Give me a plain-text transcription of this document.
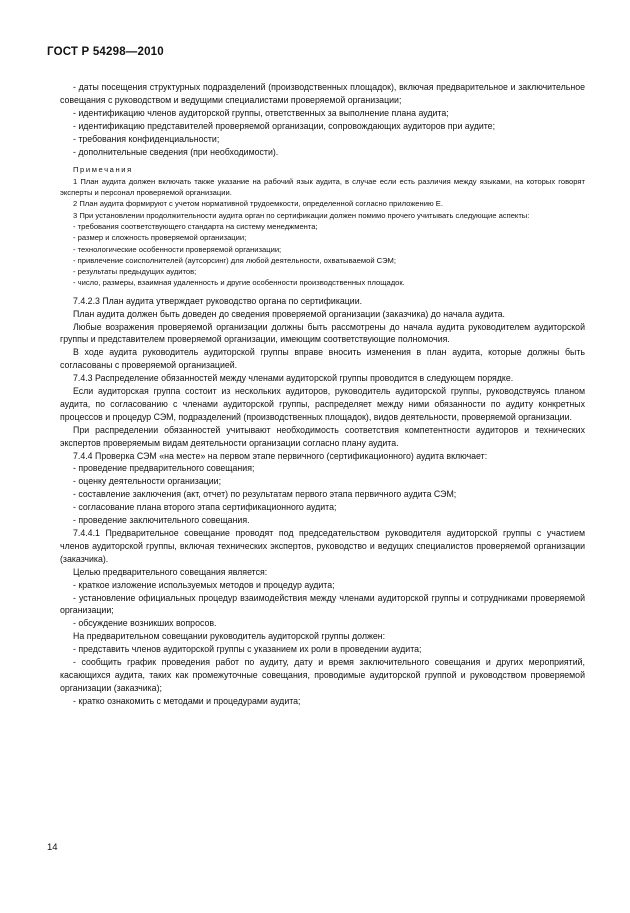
ГОСТ Р 54298—2010

- даты посещения структурных подразделений (производственных площадок), включая предварительное и заключительное совещания с руководством и ведущими специалистами проверяемой организации;

- идентификацию членов аудиторской группы, ответственных за выполнение плана аудита;

- идентификацию представителей проверяемой организации, сопровождающих аудиторов при аудите;

- требования конфиденциальности;

- дополнительные сведения (при необходимости).

Примечания

1 План аудита должен включать также указание на рабочий язык аудита, в случае если есть различия между языками, на которых говорят эксперты и персонал проверяемой организации.

2 План аудита формируют с учетом нормативной трудоемкости, определенной согласно приложению Е.

3 При установлении продолжительности аудита орган по сертификации должен помимо прочего учитывать следующие аспекты:

- требования соответствующего стандарта на систему менеджмента;

- размер и сложность проверяемой организации;

- технологические особенности проверяемой организации;

- привлечение соисполнителей (аутсорсинг) для любой деятельности, охватываемой СЭМ;

- результаты предыдущих аудитов;

- число, размеры, взаимная удаленность и другие особенности производственных площадок.

7.4.2.3 План аудита утверждает руководство органа по сертификации.

План аудита должен быть доведен до сведения проверяемой организации (заказчика) до начала аудита.

Любые возражения проверяемой организации должны быть рассмотрены до начала аудита руководителем аудиторской группы и представителем проверяемой организации, имеющим соответствующие полномочия.

В ходе аудита руководитель аудиторской группы вправе вносить изменения в план аудита, которые должны быть согласованы с проверяемой организацией.

7.4.3 Распределение обязанностей между членами аудиторской группы проводится в следующем порядке.

Если аудиторская группа состоит из нескольких аудиторов, руководитель аудиторской группы, руководствуясь планом аудита, по согласованию с членами аудиторской группы, распределяет между ними обязанности по аудиту конкретных процессов и процедур СЭМ, подразделений (производственных площадок), видов деятельности, проверяемой организации.

При распределении обязанностей учитывают необходимость соответствия компетентности аудиторов и технических экспертов проверяемым видам деятельности организации согласно плану аудита.

7.4.4 Проверка СЭМ «на месте» на первом этапе первичного (сертификационного) аудита включает:

- проведение предварительного совещания;

- оценку деятельности организации;

- составление заключения (акт, отчет) по результатам первого этапа первичного аудита СЭМ;

- согласование плана второго этапа сертификационного аудита;

- проведение заключительного совещания.

7.4.4.1 Предварительное совещание проводят под председательством руководителя аудиторской группы с участием членов аудиторской группы, включая технических экспертов, руководство и ведущих специалистов проверяемой организации (заказчика).

Целью предварительного совещания является:

- краткое изложение используемых методов и процедур аудита;

- установление официальных процедур взаимодействия между членами аудиторской группы и сотрудниками проверяемой организации;

- обсуждение возникших вопросов.

На предварительном совещании руководитель аудиторской группы должен:

- представить членов аудиторской группы с указанием их роли в проведении аудита;

- сообщить график проведения работ по аудиту, дату и время заключительного совещания и других мероприятий, касающихся аудита, таких как промежуточные совещания, проводимые аудиторской группой и руководством проверяемой организации (заказчика);

- кратко ознакомить с методами и процедурами аудита;

14
